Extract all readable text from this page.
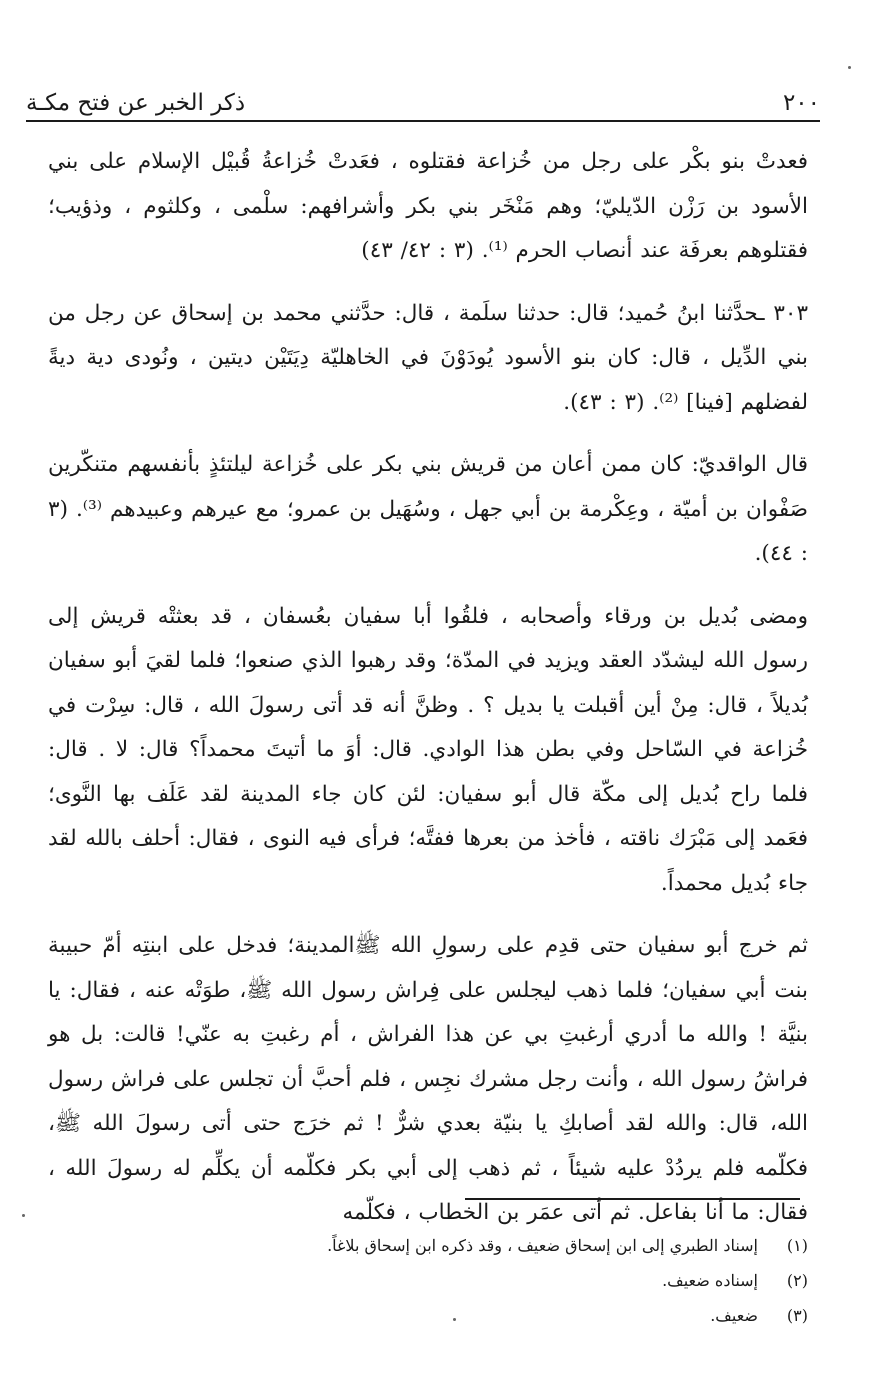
٢٠٠
ذكر الخبر عن فتح مكـة

فعدتْ بنو بكْر على رجل من خُزاعة فقتلوه ، فعَدتْ خُزاعةُ قُبيْل الإسلام على بني الأسود بن رَزْن الدّيليّ؛ وهم مَنْخَر بني بكر وأشرافهم: سلْمى ، وكلثوم ، وذؤيب؛ فقتلوهم بعرفَة عند أنصاب الحرم ⁽¹⁾. (٣ : ٤٢/ ٤٣)

٣٠٣ ـحدَّثنا ابنُ حُميد؛ قال: حدثنا سلَمة ، قال: حدَّثني محمد بن إسحاق عن رجل من بني الدِّيل ، قال: كان بنو الأسود يُودَوْنَ في الخاهليّة دِيَتَيْن ديتين ، ونُودى دية ديةً لفضلهم [فينا] ⁽²⁾. (٣ : ٤٣).

قال الواقديّ: كان ممن أعان من قريش بني بكر على خُزاعة ليلتئذٍ بأنفسهم متنكّرين صَفْوان بن أميّة ، وعِكْرمة بن أبي جهل ، وسُهَيل بن عمرو؛ مع عيرهم وعبيدهم ⁽³⁾. (٣ : ٤٤).

ومضى بُديل بن ورقاء وأصحابه ، فلقُوا أبا سفيان بعُسفان ، قد بعثتْه قريش إلى رسول الله ليشدّد العقد ويزيد في المدّة؛ وقد رهبوا الذي صنعوا؛ فلما لقيَ أبو سفيان بُديلاً ، قال: مِنْ أين أقبلت يا بديل ؟ . وظنَّ أنه قد أتى رسولَ الله ، قال: سِرْت في خُزاعة في السّاحل وفي بطن هذا الوادي. قال: أوَ ما أتيتَ محمداً؟ قال: لا . قال: فلما راح بُديل إلى مكّة قال أبو سفيان: لئن كان جاء المدينة لقد عَلَف بها النَّوى؛ فعَمد إلى مَبْرَك ناقته ، فأخذ من بعرها ففتَّه؛ فرأى فيه النوى ، فقال: أحلف بالله لقد جاء بُديل محمداً.

ثم خرج أبو سفيان حتى قدِم على رسولِ الله ﷺالمدينة؛ فدخل على ابنتِه أمّ حبيبة بنت أبي سفيان؛ فلما ذهب ليجلس على فِراش رسول الله ﷺ، طوَتْه عنه ، فقال: يا بنيَّة ! والله ما أدري أرغبتِ بي عن هذا الفراش ، أم رغبتِ به عنّي! قالت: بل هو فراشُ رسول الله ، وأنت رجل مشرك نجِس ، فلم أحبَّ أن تجلس على فراش رسول الله، قال: والله لقد أصابكِ يا بنيّة بعدي شرٌّ ! ثم خرَج حتى أتى رسولَ الله ﷺ، فكلّمه فلم يردُدْ عليه شيئاً ، ثم ذهب إلى أبي بكر فكلّمه أن يكلِّم له رسولَ الله ، فقال: ما أنا بفاعل. ثم أتى عمَر بن الخطاب ، فكلّمه

(١)
إسناد الطبري إلى ابن إسحاق ضعيف ، وقد ذكره ابن إسحاق بلاغاً.
(٢)
إسناده ضعيف.
(٣)
ضعيف.
